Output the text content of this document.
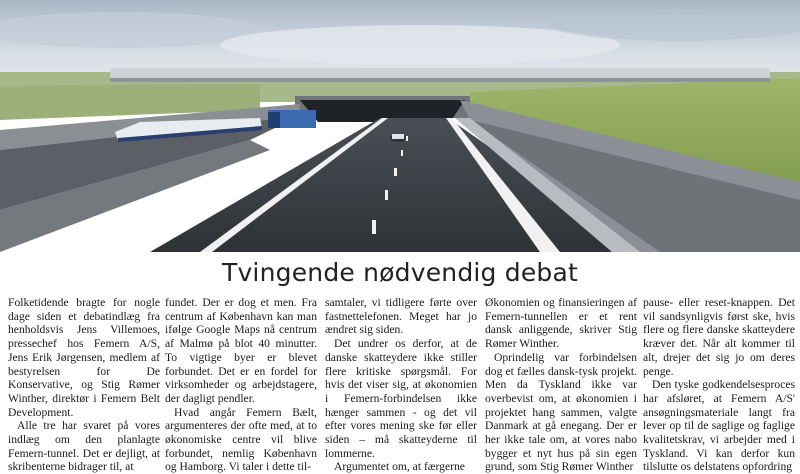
Tvingende nødvendig debat

Folketidende bragte for nogle dage siden et debatindlæg fra henholdsvis Jens Villemoes, pressechef hos Femern A/S, Jens Erik Jørgensen, medlem af bestyrelsen for De Konservative, og Stig Rømer Winther, direktør i Femern Belt Development.

Alle tre har svaret på vores indlæg om den planlagte Femern-tunnel. Det er dejligt, at skribenterne bidrager til, at

fundet. Der er dog et men. Fra centrum af København kan man ifølge Google Maps nå centrum af Malmø på blot 40 minutter. To vigtige byer er blevet forbundet. Det er en fordel for virksomheder og arbejdstagere, der dagligt pendler.

Hvad angår Femern Bælt, argumenteres der ofte med, at to økonomiske centre vil blive forbundet, nemlig København og Hamborg. Vi taler i dette til-

samtaler, vi tidligere førte over fastnettelefonen. Meget har jo ændret sig siden.

Det undrer os derfor, at de danske skatteydere ikke stiller flere kritiske spørgsmål. For hvis det viser sig, at økonomien i Femern-forbindelsen ikke hænger sammen - og det vil efter vores mening ske før eller siden – må skatteyderne til lommerne.

Argumentet om, at færgerne

Økonomien og finansieringen af Femern-tunnellen er et rent dansk anliggende, skriver Stig Rømer Winther.

Oprindelig var forbindelsen dog et fælles dansk-tysk projekt. Men da Tyskland ikke var overbevist om, at økonomien i projektet hang sammen, valgte Danmark at gå enegang. Der er her ikke tale om, at vores nabo bygger et nyt hus på sin egen grund, som Stig Rømer Winther

pause- eller reset-knappen. Det vil sandsynligvis først ske, hvis flere og flere danske skatteydere kræver det. Når alt kommer til alt, drejer det sig jo om deres penge.

Den tyske godkendelsesproces har afsløret, at Femern A/S' ansøgningsmateriale langt fra lever op til de saglige og faglige kvalitetskrav, vi arbejder med i Tyskland. Vi kan derfor kun tilslutte os delstatens opfordring
